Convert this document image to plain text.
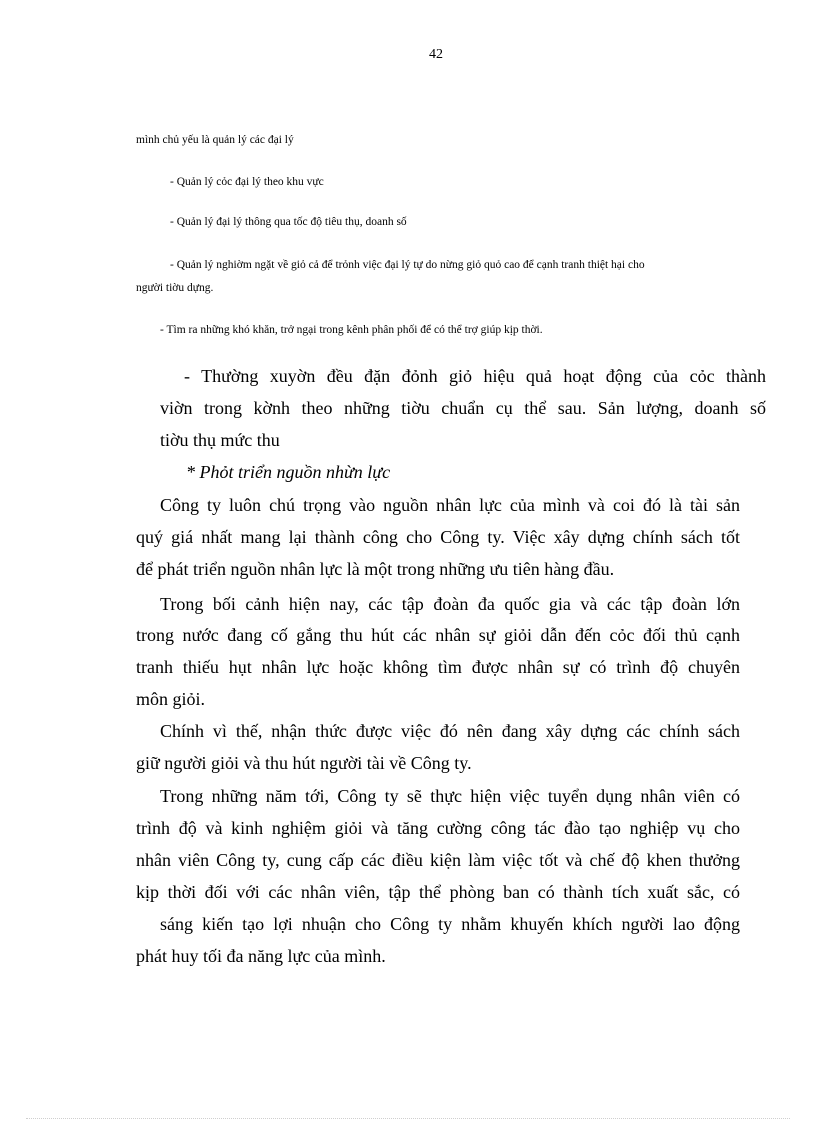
42
mình chủ yếu là quản lý các đại lý
- Quản lý cỏc đại lý theo khu vực
- Quản lý đại lý thông qua tốc độ tiêu thụ, doanh số
- Quản lý nghiờm ngặt về giỏ cả để trỏnh việc đại lý tự do nừng giỏ quỏ cao để cạnh tranh thiệt hại cho
người tiờu dựng.
- Tìm ra những khó khăn, trở ngại trong kênh phân phối để có thể trợ giúp kịp thời.
- Thường xuyờn đều đặn đỏnh giỏ hiệu quả hoạt động của cỏc thành
viờn trong kờnh theo những tiờu chuẩn cụ thể sau. Sản lượng, doanh số
tiờu thụ mức thu
* Phỏt triển nguồn nhừn lực
Công ty luôn chú trọng vào nguồn nhân lực của mình và coi đó là tài sản
quý giá nhất mang lại thành công cho Công ty. Việc xây dựng chính sách tốt
để phát triển nguồn nhân lực là một trong những ưu tiên hàng đầu.
Trong bối cảnh hiện nay, các tập đoàn đa quốc gia và các tập đoàn lớn
trong nước đang cố gắng thu hút các nhân sự giỏi dẫn đến cỏc đối thủ cạnh
tranh thiếu hụt nhân lực hoặc không tìm được nhân sự có trình độ chuyên
môn giỏi.
Chính vì thế, nhận thức được việc đó nên đang xây dựng các chính sách
giữ người giỏi và thu hút người tài về Công ty.
Trong những năm tới, Công ty sẽ thực hiện việc tuyển dụng nhân viên có
trình độ và kinh nghiệm giỏi và tăng cường công tác đào tạo nghiệp vụ cho
nhân viên Công ty, cung cấp các điều kiện làm việc tốt và chế độ khen thưởng
kịp thời đối với các nhân viên, tập thể phòng ban có thành tích xuất sắc, có
sáng kiến tạo lợi nhuận cho Công ty nhằm khuyến khích người lao động
phát huy tối đa năng lực của mình.
